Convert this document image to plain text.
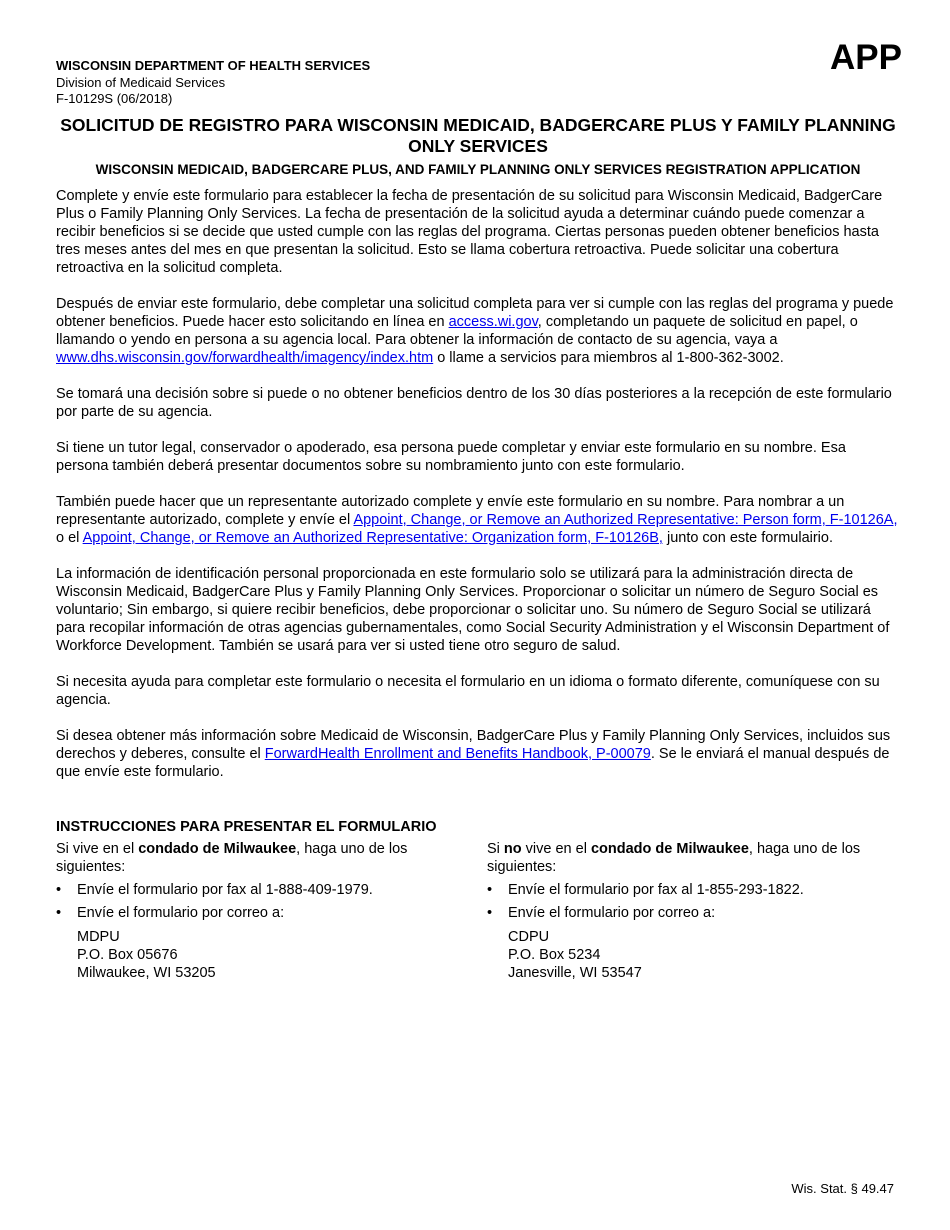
WISCONSIN DEPARTMENT OF HEALTH SERVICES
Division of Medicaid Services
F-10129S (06/2018)
APP
SOLICITUD DE REGISTRO PARA WISCONSIN MEDICAID, BADGERCARE PLUS Y FAMILY PLANNING ONLY SERVICES
WISCONSIN MEDICAID, BADGERCARE PLUS, AND FAMILY PLANNING ONLY SERVICES REGISTRATION APPLICATION

Complete y envíe este formulario para establecer la fecha de presentación de su solicitud para Wisconsin Medicaid, BadgerCare Plus o Family Planning Only Services. La fecha de presentación de la solicitud ayuda a determinar cuándo puede comenzar a recibir beneficios si se decide que usted cumple con las reglas del programa. Ciertas personas pueden obtener beneficios hasta tres meses antes del mes en que presentan la solicitud. Esto se llama cobertura retroactiva. Puede solicitar una cobertura retroactiva en la solicitud completa.

Después de enviar este formulario, debe completar una solicitud completa para ver si cumple con las reglas del programa y puede obtener beneficios. Puede hacer esto solicitando en línea en access.wi.gov, completando un paquete de solicitud en papel, o llamando o yendo en persona a su agencia local. Para obtener la información de contacto de su agencia, vaya a www.dhs.wisconsin.gov/forwardhealth/imagency/index.htm o llame a servicios para miembros al 1-800-362-3002.

Se tomará una decisión sobre si puede o no obtener beneficios dentro de los 30 días posteriores a la recepción de este formulario por parte de su agencia.

Si tiene un tutor legal, conservador o apoderado, esa persona puede completar y enviar este formulario en su nombre. Esa persona también deberá presentar documentos sobre su nombramiento junto con este formulario.

También puede hacer que un representante autorizado complete y envíe este formulario en su nombre. Para nombrar a un representante autorizado, complete y envíe el Appoint, Change, or Remove an Authorized Representative: Person form, F-10126A, o el Appoint, Change, or Remove an Authorized Representative: Organization form, F-10126B, junto con este formulairio.

La información de identificación personal proporcionada en este formulario solo se utilizará para la administración directa de Wisconsin Medicaid, BadgerCare Plus y Family Planning Only Services. Proporcionar o solicitar un número de Seguro Social es voluntario; Sin embargo, si quiere recibir beneficios, debe proporcionar o solicitar uno. Su número de Seguro Social se utilizará para recopilar información de otras agencias gubernamentales, como Social Security Administration y el Wisconsin Department of Workforce Development. También se usará para ver si usted tiene otro seguro de salud.

Si necesita ayuda para completar este formulario o necesita el formulario en un idioma o formato diferente, comuníquese con su agencia.

Si desea obtener más información sobre Medicaid de Wisconsin, BadgerCare Plus y Family Planning Only Services, incluidos sus derechos y deberes, consulte el ForwardHealth Enrollment and Benefits Handbook, P-00079. Se le enviará el manual después de que envíe este formulario.

INSTRUCCIONES PARA PRESENTAR EL FORMULARIO
Si vive en el condado de Milwaukee, haga uno de los siguientes:
• Envíe el formulario por fax al 1-888-409-1979.
• Envíe el formulario por correo a:
MDPU
P.O. Box 05676
Milwaukee, WI 53205
Si no vive en el condado de Milwaukee, haga uno de los siguientes:
• Envíe el formulario por fax al 1-855-293-1822.
• Envíe el formulario por correo a:
CDPU
P.O. Box 5234
Janesville, WI 53547
Wis. Stat. § 49.47
